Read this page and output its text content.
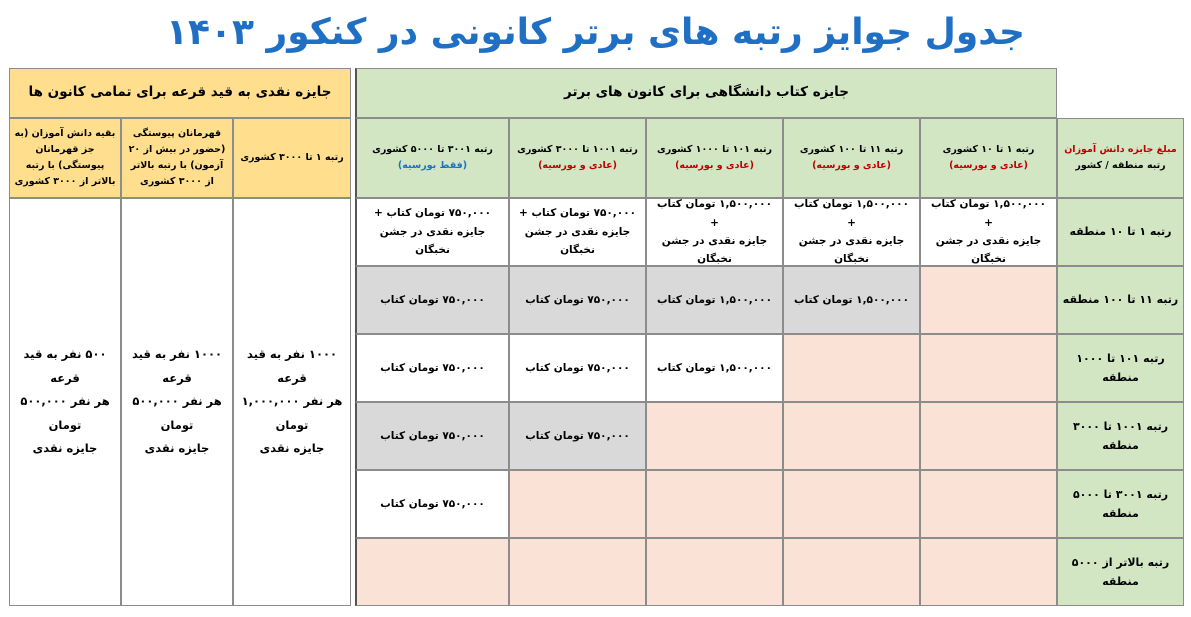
جدول جوایز رتبه های برتر کانونی در کنکور ۱۴۰۳
جایزه نقدی به قید قرعه برای تمامی کانون ها	جایزه کتاب دانشگاهی برای کانون های برتر
مبلغ جایزه دانش آموزان
رتبه منطقه / کشور
رتبه ۱ تا ۱۰ کشوری
(عادی و بورسیه)
رتبه ۱۱ تا ۱۰۰ کشوری
(عادی و بورسیه)
رتبه ۱۰۱ تا ۱۰۰۰ کشوری
(عادی و بورسیه)
رتبه ۱۰۰۱ تا ۳۰۰۰ کشوری
(عادی و بورسیه)
رتبه ۳۰۰۱ تا ۵۰۰۰ کشوری
(فقط بورسیه)
رتبه ۱ تا ۳۰۰۰ کشوری
قهرمانان پیوستگی (حضور در بیش از ۲۰ آزمون) با رتبه بالاتر از ۳۰۰۰ کشوری
بقیه دانش آموزان (به جز قهرمانان پیوستگی) با رتبه بالاتر از ۳۰۰۰ کشوری
رتبه ۱ تا ۱۰ منطقه
رتبه ۱۱ تا ۱۰۰ منطقه
رتبه ۱۰۱ تا ۱۰۰۰ منطقه
رتبه ۱۰۰۱ تا ۳۰۰۰ منطقه
رتبه ۳۰۰۱ تا ۵۰۰۰ منطقه
رتبه بالاتر از ۵۰۰۰ منطقه
۱,۵۰۰,۰۰۰ تومان کتاب +
جایزه نقدی در جشن نخبگان
۱,۵۰۰,۰۰۰ تومان کتاب +
جایزه نقدی در جشن نخبگان
۱,۵۰۰,۰۰۰ تومان کتاب +
جایزه نقدی در جشن نخبگان
۷۵۰,۰۰۰ تومان کتاب +
جایزه نقدی در جشن نخبگان
۷۵۰,۰۰۰ تومان کتاب +
جایزه نقدی در جشن نخبگان
۱,۵۰۰,۰۰۰ تومان کتاب
۱,۵۰۰,۰۰۰ تومان کتاب
۷۵۰,۰۰۰ تومان کتاب
۷۵۰,۰۰۰ تومان کتاب
۱,۵۰۰,۰۰۰ تومان کتاب
۷۵۰,۰۰۰ تومان کتاب
۷۵۰,۰۰۰ تومان کتاب
۷۵۰,۰۰۰ تومان کتاب
۷۵۰,۰۰۰ تومان کتاب
۷۵۰,۰۰۰ تومان کتاب
۱۰۰۰ نفر به قید قرعه
هر نفر ۱,۰۰۰,۰۰۰ تومان
جایزه نقدی
۱۰۰۰ نفر به قید قرعه
هر نفر ۵۰۰,۰۰۰ تومان
جایزه نقدی
۵۰۰ نفر به قید قرعه
هر نفر ۵۰۰,۰۰۰ تومان
جایزه نقدی
